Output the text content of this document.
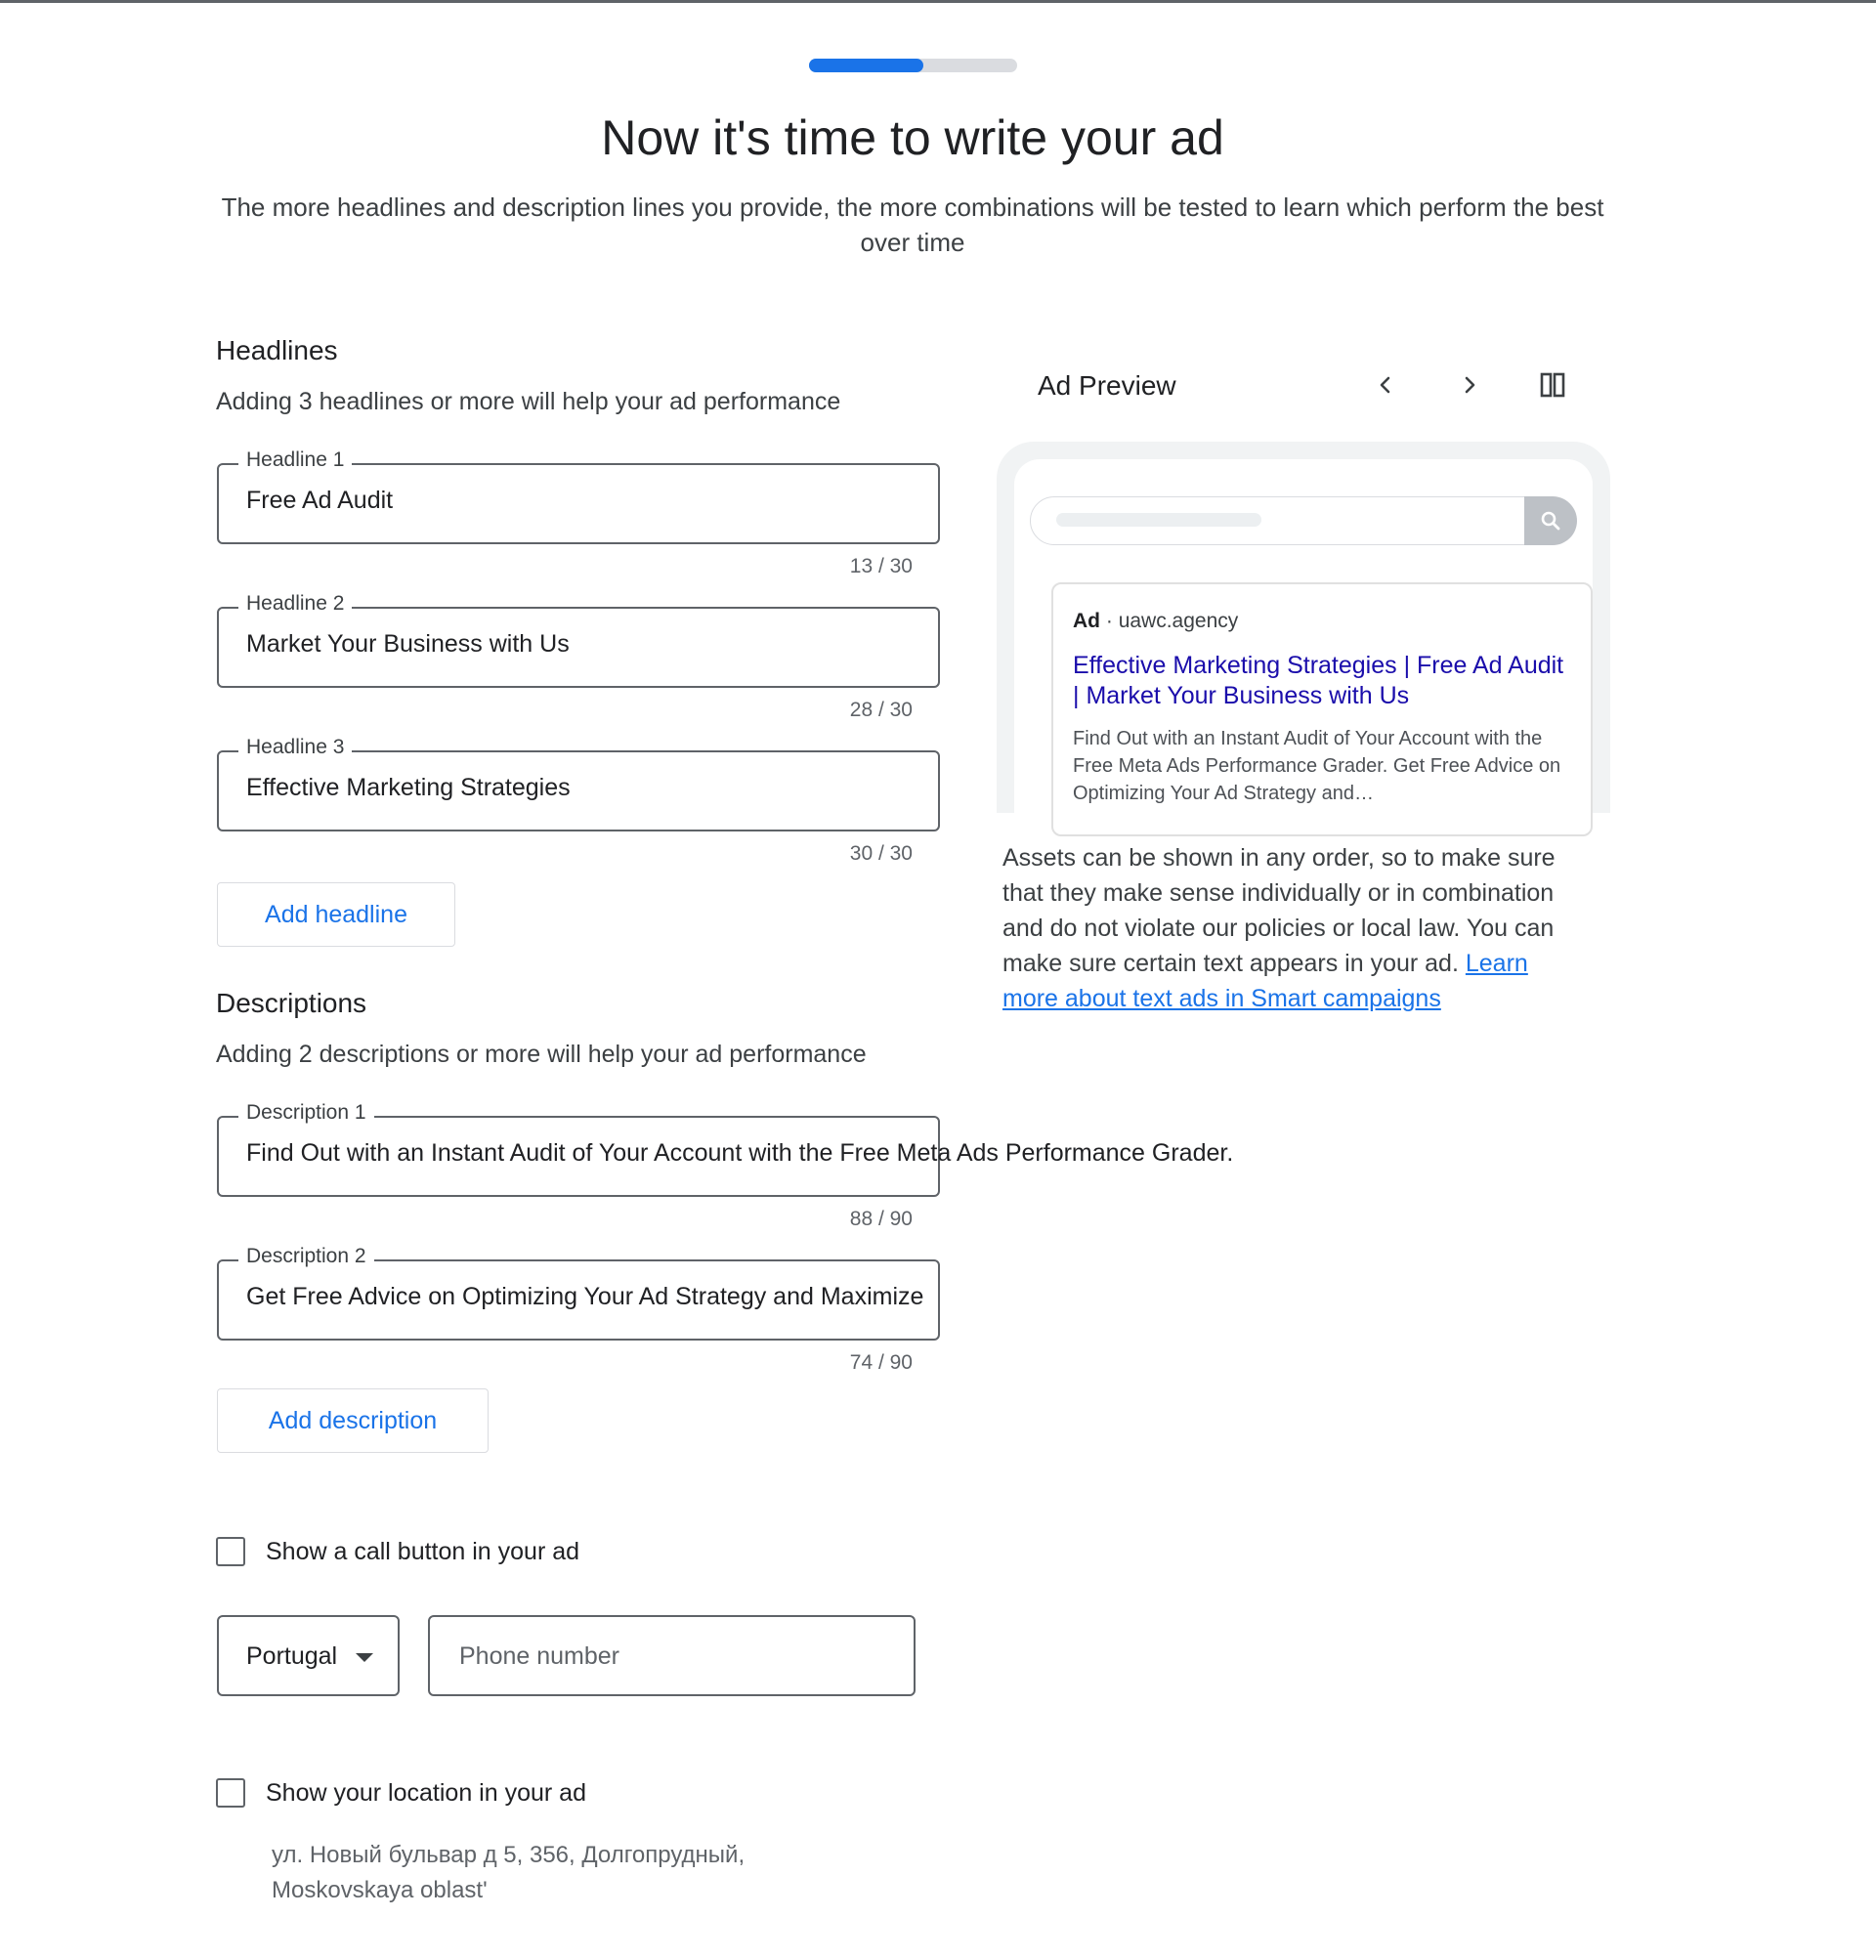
Now it's time to write your ad
The more headlines and description lines you provide, the more combinations will be tested to learn which perform the best over time
Headlines
Adding 3 headlines or more will help your ad performance
Headline 1
Free Ad Audit
13 / 30
Headline 2
Market Your Business with Us
28 / 30
Headline 3
Effective Marketing Strategies
30 / 30
Add headline
Descriptions
Adding 2 descriptions or more will help your ad performance
Description 1
Find Out with an Instant Audit of Your Account with the Free Meta Ads Performance Grader.
88 / 90
Description 2
Get Free Advice on Optimizing Your Ad Strategy and Maximize
74 / 90
Add description
Show a call button in your ad
Portugal	Phone number
Show your location in your ad
ул. Новый бульвар д 5, 356, Долгопрудный,
Moskovskaya oblast'
Ad Preview
Ad · uawc.agency
Effective Marketing Strategies | Free Ad Audit | Market Your Business with Us
Find Out with an Instant Audit of Your Account with the Free Meta Ads Performance Grader. Get Free Advice on Optimizing Your Ad Strategy and…
Assets can be shown in any order, so to make sure that they make sense individually or in combination and do not violate our policies or local law. You can make sure certain text appears in your ad. Learn more about text ads in Smart campaigns
